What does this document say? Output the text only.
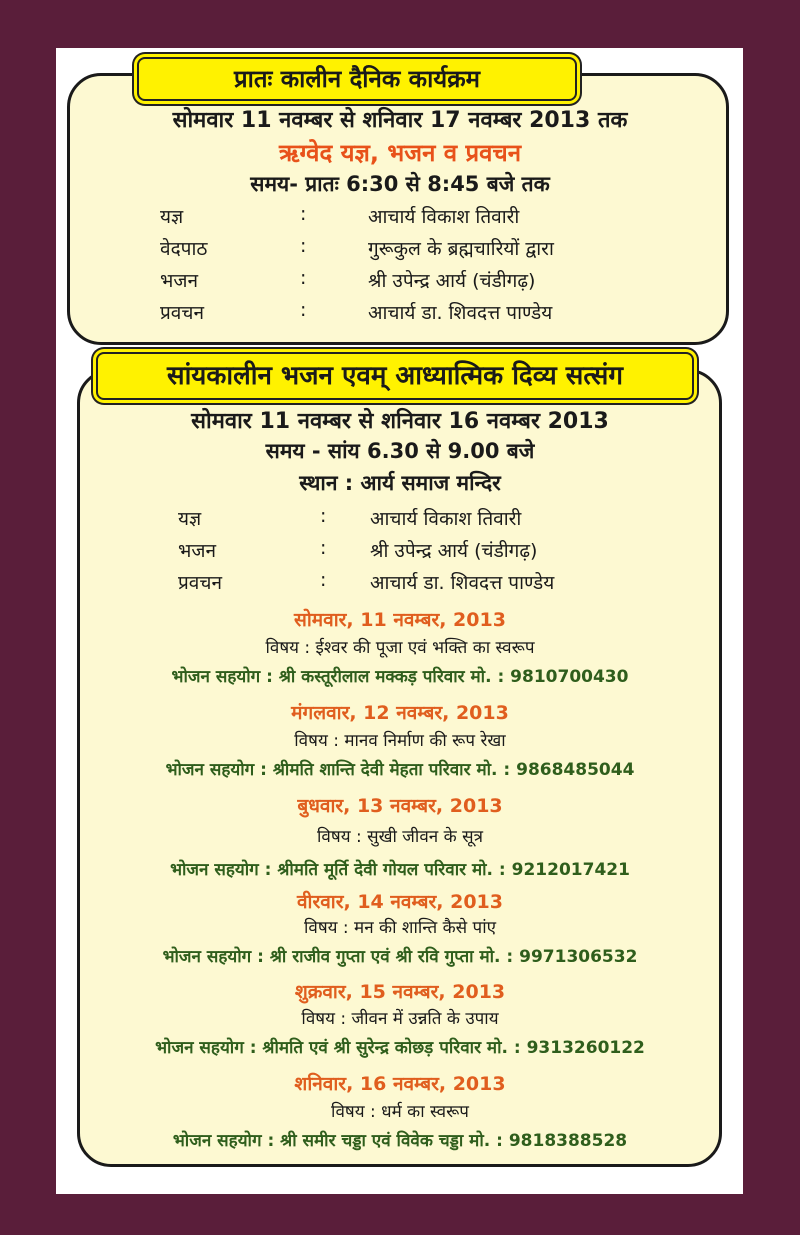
प्रातः कालीन दैनिक कार्यक्रम
सोमवार 11 नवम्बर से शनिवार 17 नवम्बर 2013 तक
ऋग्वेद यज्ञ, भजन व प्रवचन
समय- प्रातः 6:30 से 8:45 बजे तक
यज्ञ	:	आचार्य विकाश तिवारी
वेदपाठ	:	गुरूकुल के ब्रह्मचारियों द्वारा
भजन	:	श्री उपेन्द्र आर्य (चंडीगढ़)
प्रवचन	:	आचार्य डा. शिवदत्त पाण्डेय
सांयकालीन भजन एवम् आध्यात्मिक दिव्य सत्संग
सोमवार 11 नवम्बर से शनिवार 16 नवम्बर 2013
समय - सांय 6.30 से 9.00 बजे
स्थान : आर्य समाज मन्दिर
यज्ञ	: आचार्य विकाश तिवारी
भजन	: श्री उपेन्द्र आर्य (चंडीगढ़)
प्रवचन	: आचार्य डा. शिवदत्त पाण्डेय
सोमवार, 11 नवम्बर, 2013
विषय : ईश्वर की पूजा एवं भक्ति का स्वरूप
भोजन सहयोग : श्री कस्तूरीलाल मक्कड़ परिवार मो. : 9810700430
मंगलवार, 12 नवम्बर, 2013
विषय : मानव निर्माण की रूप रेखा
भोजन सहयोग : श्रीमति शान्ति देवी मेहता परिवार मो. : 9868485044
बुधवार, 13 नवम्बर, 2013
विषय : सुखी जीवन के सूत्र
भोजन सहयोग : श्रीमति मूर्ति देवी गोयल परिवार मो. : 9212017421
वीरवार, 14 नवम्बर, 2013
विषय : मन की शान्ति कैसे पांए
भोजन सहयोग : श्री राजीव गुप्ता एवं श्री रवि गुप्ता मो. : 9971306532
शुक्रवार, 15 नवम्बर, 2013
विषय : जीवन में उन्नति के उपाय
भोजन सहयोग : श्रीमति एवं श्री सुरेन्द्र कोछड़ परिवार मो. : 9313260122
शनिवार, 16 नवम्बर, 2013
विषय : धर्म का स्वरूप
भोजन सहयोग : श्री समीर चड्डा एवं विवेक चड्डा मो. : 9818388528
